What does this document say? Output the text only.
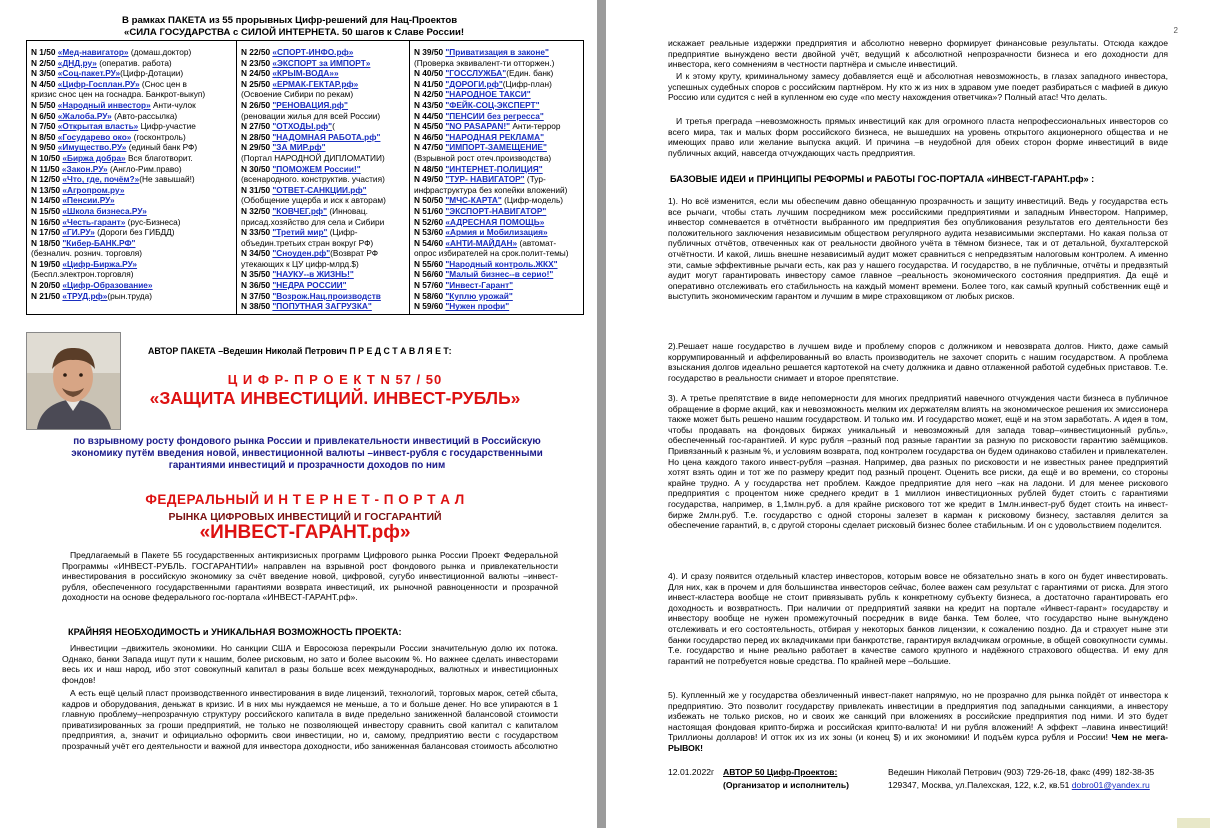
В рамках ПАКЕТА из 55 прорывных Цифр-решений для Нац-Проектов
«СИЛА ГОСУДАРСТВА с СИЛОЙ ИНТЕРНЕТА. 50 шагов к Славе России!
N 1/50 «Мед-навигатор» (домаш.доктор)
N 2/50 «ДНД.ру» (оператив. работа)
N 3/50 «Соц-пакет.РУ»(Цифр-Дотации)
N 4/50 «Цифр-Госплан.РУ» (Снос цен в
кризис снос цен на госнадра. Банкрот-выкуп)
N 5/50 «Народный инвестор» Анти-чулок
N 6/50 «Жалоба.РУ» (Авто-рассылка)
N 7/50 «Открытая власть» Цифр-участие
N 8/50 «Государево око» (госконтроль)
N 9/50 «Имущество.РУ» (единый банк РФ)
N 10/50 «Биржа добра» Вся благотворит.
N 11/50 «Закон.РУ» (Англо-Рим.право)
N 12/50 «Что, где, почём?»(Не завышай!)
N 13/50 «Агропром.ру»
N 14/50 «Пенсии.РУ»
N 15/50 «Школа бизнеса.РУ»
N 16/50 «Честь-гарант» (рус-Бизнеса)
N 17/50 «ГИ.РУ» (Дороги без ГИБДД)
N 18/50 "Кибер-БАНК.РФ"
(безналич. рознич. торговля)
N 19/50 «Цифр-Биржа.РУ»
(Беспл.электрон.торговля)
N 20/50 «Цифр-Образование»
N 21/50 «ТРУД.рф»(рын.труда)

N 22/50 «СПОРТ-ИНФО.рф»
N 23/50 «ЭКСПОРТ за ИМПОРТ»
N 24/50 «КРЫМ-ВОДА»»
N 25/50 «ЕРМАК-ГЕКТАР.рф»
(Освоение Сибири по рекам)
N 26/50 "РЕНОВАЦИЯ.рф"
(реновации жилья для всей России)
N 27/50 "ОТХОДЫ.рф"(
N 28/50 "НАДОМНАЯ РАБОТА.рф"
N 29/50 "ЗА МИР.рф"
(Портал НАРОДНОЙ ДИПЛОМАТИИ)
N 30/50 "ПОМОЖЕМ России!"
(всенародного. конструктив. участия)
N 31/50 "ОТВЕТ-САНКЦИИ.рф"
(Обобщение ущерба и иск к авторам)
N 32/50 "КОВЧЕГ.рф" (Инновац.
присад.хозяйство для села и Сибири
N 33/50 "Третий мир" (Цифр-
объедин.третьих стран вокруг РФ)
N 34/50 "Сноуден.рф"(Возврат РФ
утекающих к ЦУ цифр-млрд.$)
N 35/50 "НАУКУ--в ЖИЗНЬ!"
N 36/50 "НЕДРА РОССИИ"
N 37/50 "Возрож.Нац.производств
N 38/50 "ПОПУТНАЯ ЗАГРУЗКА"

N 39/50 "Приватизация в законе"
(Проверка эквивалент-ти отторжен.)
N 40/50 "ГОССЛУЖБА"(Един. банк)
N 41/50 "ДОРОГИ.рф"(Цифр-план)
N 42/50 "НАРОДНОЕ ТАКСИ"
N 43/50 "ФЕЙК-СОЦ-ЭКСПЕРТ"
N 44/50 "ПЕНСИИ без регресса"
N 45/50 "NO PASAPAN!" Анти-террор
N 46/50 "НАРОДНАЯ РЕКЛАМА"
N 47/50 "ИМПОРТ-ЗАМЕЩЕНИЕ"
(Взрывной рост отеч.производства)
N 48/50 "ИНТЕРНЕТ-ПОЛИЦИЯ"
N 49/50 "ТУР- НАВИГАТОР" (Тур-
инфраструктура без копейки вложений)
N 50/50 "МЧС-КАРТА" (Цифр-модель)
N 51/60 "ЭКСПОРТ-НАВИГАТОР"
N 52/60 «АДРЕСНАЯ ПОМОЩЬ»
N 53/60 «Армия и Мобилизация»
N 54/60 «АНТИ-МАЙДАН» (автомат-
опрос избирателей на срок.полит-темы)
N 55/60 "Народный контроль.ЖКХ"
N 56/60 "Малый бизнес--в серио!"
N 57/60 "Инвест-Гарант"
N 58/60 "Куплю урожай"
N 59/60 "Нужен профи"
АВТОР ПАКЕТА –Ведешин Николай Петрович П Р Е Д С Т А В Л Я Е Т:
Ц И Ф Р- П Р О Е К Т N 57 / 50
«ЗАЩИТА ИНВЕСТИЦИЙ. ИНВЕСТ-РУБЛЬ»
по взрывному росту фондового рынка России и привлекательности инвестиций в Российскую экономику путём введения новой, инвестиционной валюты –инвест-рубля с государственными гарантиями инвестиций и прозрачности доходов по ним
ФЕДЕРАЛЬНЫЙ И Н Т Е Р Н Е Т - П О Р Т А Л
РЫНКА ЦИФРОВЫХ ИНВЕСТИЦИЙ И ГОСГАРАНТИЙ
«ИНВЕСТ-ГАРАНТ.рф»
Предлагаемый в Пакете 55 государственных антикризисных программ Цифрового рынка России Проект Федеральной Программы «ИНВЕСТ-РУБЛЬ. ГОСГАРАНТИИ» направлен на взрывной рост фондового рынка и привлекательности инвестирования в российскую экономику за счёт введение новой, цифровой, сугубо инвестиционной валюты –инвест-рубля, обеспеченного государственными гарантиями возврата инвестиций, их рыночной равноценности и прозрачной доходности на основе федерального гос-портала «ИНВЕСТ-ГАРАНТ.рф».
КРАЙНЯЯ НЕОБХОДИМОСТЬ и УНИКАЛЬНАЯ ВОЗМОЖНОСТЬ ПРОЕКТА:
Инвестиции –движитель экономики. Но санкции США и Евросоюза перекрыли России значительную долю их потока. Однако, банки Запада ищут пути к нашим, более рисковым, но зато и более высоким %. Но важнее сделать инвесторами весь их и наш народ, ибо этот совокупный капитал в разы больше всех международных, валютных и инвестиционных фондов!
А есть ещё целый пласт производственного инвестирования в виде лицензий, технологий, торговых марок, сетей сбыта, кадров и оборудования, деньжат в кризис. И в них мы нуждаемся не меньше, а то и больше денег. Но все упираются в 1 главную проблему–непрозрачную структуру российского капитала в виде предельно заниженной балансовой стоимости приватизированных за гроши предприятий, не только не позволяющей инвестору сравнить свой капитал с капиталом предприятия, а, значит и официально оформить свои инвестиции, но и, самому, предприятию вести с государством прозрачный учёт его деятельности и важной для инвестора доходности, ибо заниженная балансовая стоимость абсолютно
2
искажает реальные издержки предприятия и абсолютно неверно формирует финансовые результаты. Отсюда каждое предприятие вынуждено вести двойной учёт, ведущий к абсолютной непрозрачности бизнеса и его доходности для инвестора, кего сомнениям в честности партнёра и смысле инвестиций.
И к этому круту, криминальному замесу добавляется ещё и абсолютная невозможность, в глазах западного инвестора, успешных судебных споров с российским партнёром. Ну кто ж из них в здравом уме поедет разбираться с мафией в дикую Россию или судится с ней в купленном ею суде «по месту нахождения ответчика»? Полный атас! Что делать.
И третья преграда –невозможность прямых инвестиций как для огромного пласта непрофессиональных инвесторов со всего мира, так и малых форм российского бизнеса, не вышедших на уровень открытого акционерного общества и не имеющих право или желание выпуска акций. И причина –в неудобной для обеих сторон форме инвестиций в виде публичных акций, навсегда отчуждающих часть предприятия.
БАЗОВЫЕ ИДЕИ и ПРИНЦИПЫ РЕФОРМЫ и РАБОТЫ ГОС-ПОРТАЛА «ИНВЕСТ-ГАРАНТ.рф» :
1). Но всё изменится, если мы обеспечим давно обещанную прозрачность и защиту инвестиций. Ведь у государства есть все рычаги, чтобы стать лучшим посредником меж российскими предприятиями и западным Инвестором. Например, инвестор сомневается в отчётности выбранного им предприятия без опубликования результатов его деятельности без положительного заключения независимым обществом регулярного аудита независимыми экспертами. Но какая польза от публичных отчётов, отвеченных как от реальности двойного учёта в тёмном бизнесе, так и от детальной, бухгалтерской отчётности. И какой, лишь внешне независимый аудит может сравниться с непредвзятым налоговым контролем. А именно эти, самые эффективные рычаги есть, как раз у нашего государства. И государство, в не публичные, отчёты и предвзятый аудит могут гарантировать инвестору самое главное –реальность экономического состояния предприятия. Да ещё и оперативно отслеживать его стабильность на каждый момент времени. Более того, как самый крупный собственник ещё и выступить экономическим гарантом и лучшим в мире страховщиком от любых рисков.
2).Решает наше государство в лучшем виде и проблему споров с должником и невозврата долгов. Никто, даже самый коррумпированный и аффелированный во власть производитель не захочет спорить с нашим государством. А проблема взыскания долгов идеально решается картотекой на счету должника и давно отлаженной работой судебных приставов. Т.е. государство в реальности снимает и второе препятствие.
3). А третье препятствие в виде непомерности для многих предприятий навечного отчуждения части бизнеса в публичное обращение в форме акций, как и невозможность мелким их держателям влиять на экономическое решения их эмиссионера также может быть решено нашим государством. И только им. И государство может, ещё и на этом заработать. А идея в том, чтобы продавать на фондовых биржах уникальный и невозможный для запада товар–«инвестиционный рубль», обеспеченный гос-гарантией. И курс рубля –разный под разные гарантии за разную по рисковости гарантию заёмщиков. Привязанный к разным %, и условиям возврата, под контролем государства он будем одинаково стабилен и привлекателен. Но цена каждого такого инвест-рубля –разная. Например, два разных по рисковости и не известных ранее предприятий хотят взять один и тот же по размеру кредит под разный процент. Оценить все риски, да ещё и во времени, со стороны крайне трудно. А у государства нет проблем. Каждое предприятие для него –как на ладони. И для менее рискового предприятия с процентом ниже среднего кредит в 1 миллион инвестиционных рублей будет стоить с гарантиями государства, например, в 1,1млн.руб. а для крайне рискового тот же кредит в 1млн.инвест-руб будет стоить на инвест-бирже 2млн.руб. Т.е. государство с одной стороны залезет в карман к рисковому бизнесу, заставляя делится за обеспечение гарантий, в, с другой стороны сделает рисковый бизнес более стабильным. И он с удовольствием поделится.
4). И сразу появится отдельный кластер инвесторов, которым вовсе не обязательно знать в кого он будет инвестировать. Для них, как в прочем и для большинства инвесторов сейчас, более важен сам результат с гарантиями от риска. Для этого инвест-кластера вообще не стоит привязывать рубль к конкретному субъекту бизнеса, а достаточно гарантировать его доходность и возвратность. При наличии от предприятий заявки на кредит на портале «Инвест-гарант» государству и инвестору вообще не нужен промежуточный посредник в виде банка. Тем более, что государство ныне вынуждено отслеживать и его состоятельность, отбирая у некоторых банков лицензии, к сожалению поздно. Да и страхует ныне эти банки государство перед их вкладчиками при банкротстве, гарантируя вкладчикам огромные, в общей совокупности суммы. Т.е. государство и ныне реально работает в качестве самого крупного и надёжного страхового общества. И ему для гарантий не потребуется новые средства. По крайней мере –большие.
5). Купленный же у государства обезличенный инвест-пакет напрямую, но не прозрачно для рынка пойдёт от инвестора к предприятию. Это позволит государству привлекать инвестиции в предприятия под западными санкциями, а инвестору избежать не только рисков, но и своих же санкций при вложениях в российские предприятия под ними. И это будет настоящая фондовая крипто-биржа и российская крипто-валюта! И ни рубля вложений! А эффект –лавина инвестиций! Триллионы долларов! И отток их из их зоны (и конец $) и их экономики! И подъём курса рубля и России! Чем не мега-РЫВОК!
12.01.2022г АВТОР 50 Цифр-Проектов:
(Организатор и исполнитель)
Ведешин Николай Петрович (903) 729-26-18, факс (499) 182-38-35
129347, Москва, ул.Палехская, 122, к.2, кв.51 dobro01@yandex.ru
